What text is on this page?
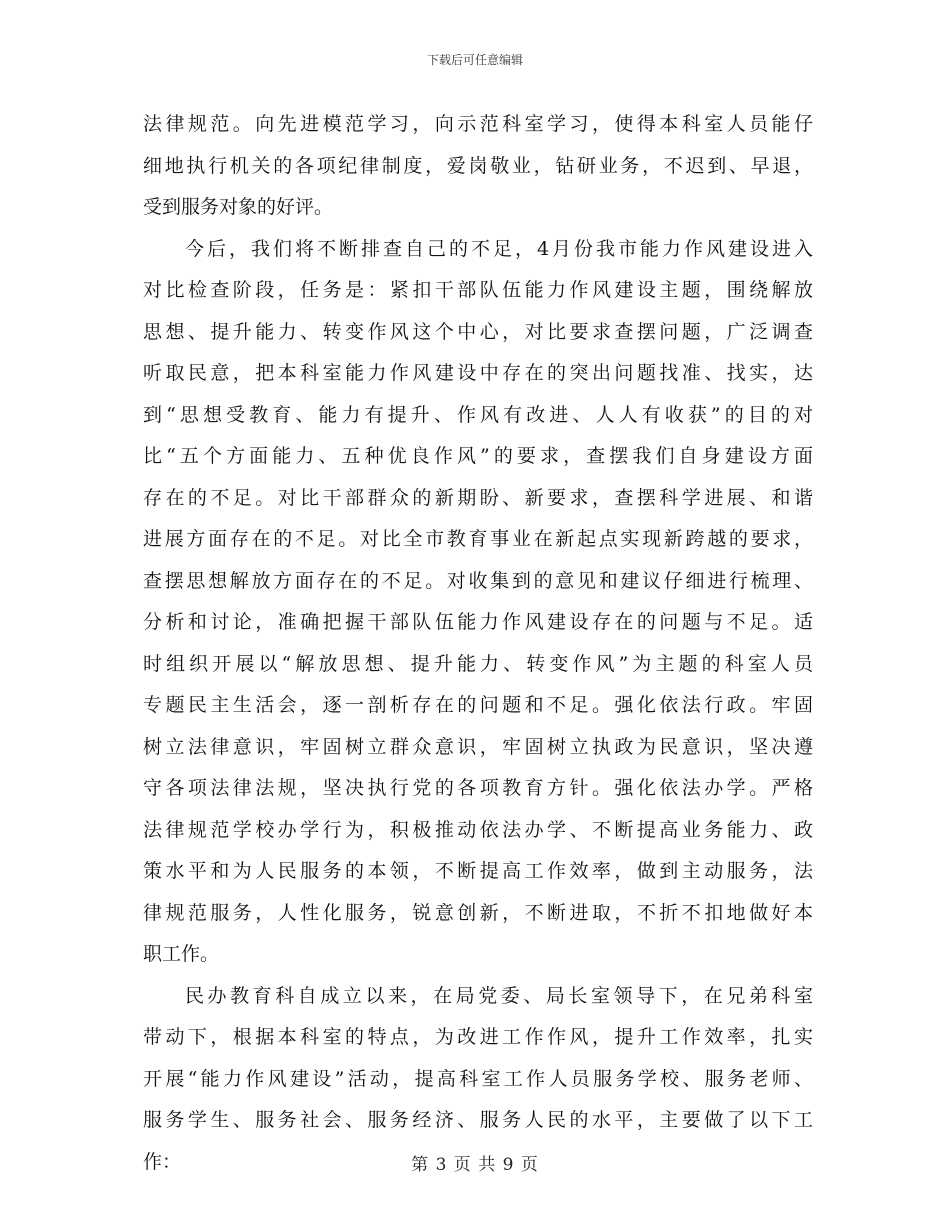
下载后可任意编辑
法律规范。向先进模范学习，向示范科室学习，使得本科室人员能仔
细地执行机关的各项纪律制度，爱岗敬业，钻研业务，不迟到、早退，
受到服务对象的好评。
今后，我们将不断排查自己的不足，4月份我市能力作风建设进入
对比检查阶段，任务是：紧扣干部队伍能力作风建设主题，围绕解放
思想、提升能力、转变作风这个中心，对比要求查摆问题，广泛调查
听取民意，把本科室能力作风建设中存在的突出问题找准、找实，达
到“思想受教育、能力有提升、作风有改进、人人有收获”的目的对
比“五个方面能力、五种优良作风”的要求，查摆我们自身建设方面
存在的不足。对比干部群众的新期盼、新要求，查摆科学进展、和谐
进展方面存在的不足。对比全市教育事业在新起点实现新跨越的要求，
查摆思想解放方面存在的不足。对收集到的意见和建议仔细进行梳理、
分析和讨论，准确把握干部队伍能力作风建设存在的问题与不足。适
时组织开展以“解放思想、提升能力、转变作风”为主题的科室人员
专题民主生活会，逐一剖析存在的问题和不足。强化依法行政。牢固
树立法律意识，牢固树立群众意识，牢固树立执政为民意识，坚决遵
守各项法律法规，坚决执行党的各项教育方针。强化依法办学。严格
法律规范学校办学行为，积极推动依法办学、不断提高业务能力、政
策水平和为人民服务的本领，不断提高工作效率，做到主动服务，法
律规范服务，人性化服务，锐意创新，不断进取，不折不扣地做好本
职工作。
民办教育科自成立以来，在局党委、局长室领导下，在兄弟科室
带动下，根据本科室的特点，为改进工作作风，提升工作效率，扎实
开展“能力作风建设”活动，提高科室工作人员服务学校、服务老师、
服务学生、服务社会、服务经济、服务人民的水平，主要做了以下工
作：	第 3 页 共 9 页
